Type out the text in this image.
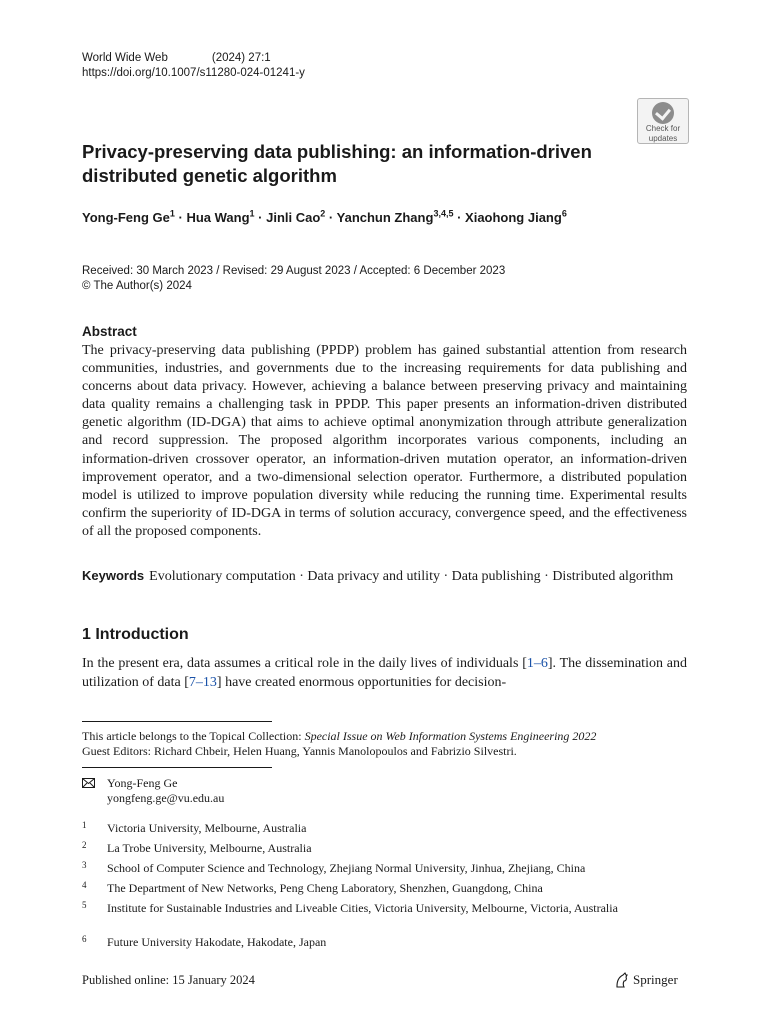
World Wide Web	(2024) 27:1
https://doi.org/10.1007/s11280-024-01241-y
Check for
updates
Privacy-preserving data publishing: an information-driven distributed genetic algorithm
Yong-Feng $Ge^1$ · Hua Wang$^1$ · Jinli Cao$^2$ · Yanchun Zhang$^{3,4,5}$ · Xiaohong Jiang$^6$
Received: 30 March 2023 / Revised: 29 August 2023 / Accepted: 6 December 2023
© The Author(s) 2024
Abstract
The privacy-preserving data publishing (PPDP) problem has gained substantial attention from research communities, industries, and governments due to the increasing requirements for data publishing and concerns about data privacy. However, achieving a balance between preserving privacy and maintaining data quality remains a challenging task in PPDP. This paper presents an information-driven distributed genetic algorithm (ID-DGA) that aims to achieve optimal anonymization through attribute generalization and record suppression. The proposed algorithm incorporates various components, including an information-driven crossover operator, an information-driven mutation operator, an information-driven improvement operator, and a two-dimensional selection operator. Furthermore, a distributed population model is utilized to improve population diversity while reducing the running time. Experimental results confirm the superiority of ID-DGA in terms of solution accuracy, convergence speed, and the effectiveness of all the proposed components.
Keywords Evolutionary computation · Data privacy and utility · Data publishing · Distributed algorithm
1 Introduction
In the present era, data assumes a critical role in the daily lives of individuals [1–6]. The dissemination and utilization of data [7–13] have created enormous opportunities for decision-
This article belongs to the Topical Collection: Special Issue on Web Information Systems Engineering 2022
Guest Editors: Richard Chbeir, Helen Huang, Yannis Manolopoulos and Fabrizio Silvestri.
Yong-Feng Ge
yongfeng.ge@vu.edu.au
1 Victoria University, Melbourne, Australia
2 La Trobe University, Melbourne, Australia
3 School of Computer Science and Technology, Zhejiang Normal University, Jinhua, Zhejiang, China
4 The Department of New Networks, Peng Cheng Laboratory, Shenzhen, Guangdong, China
5 Institute for Sustainable Industries and Liveable Cities, Victoria University, Melbourne, Victoria, Australia
6 Future University Hakodate, Hakodate, Japan
Published online: 15 January 2024	Springer
